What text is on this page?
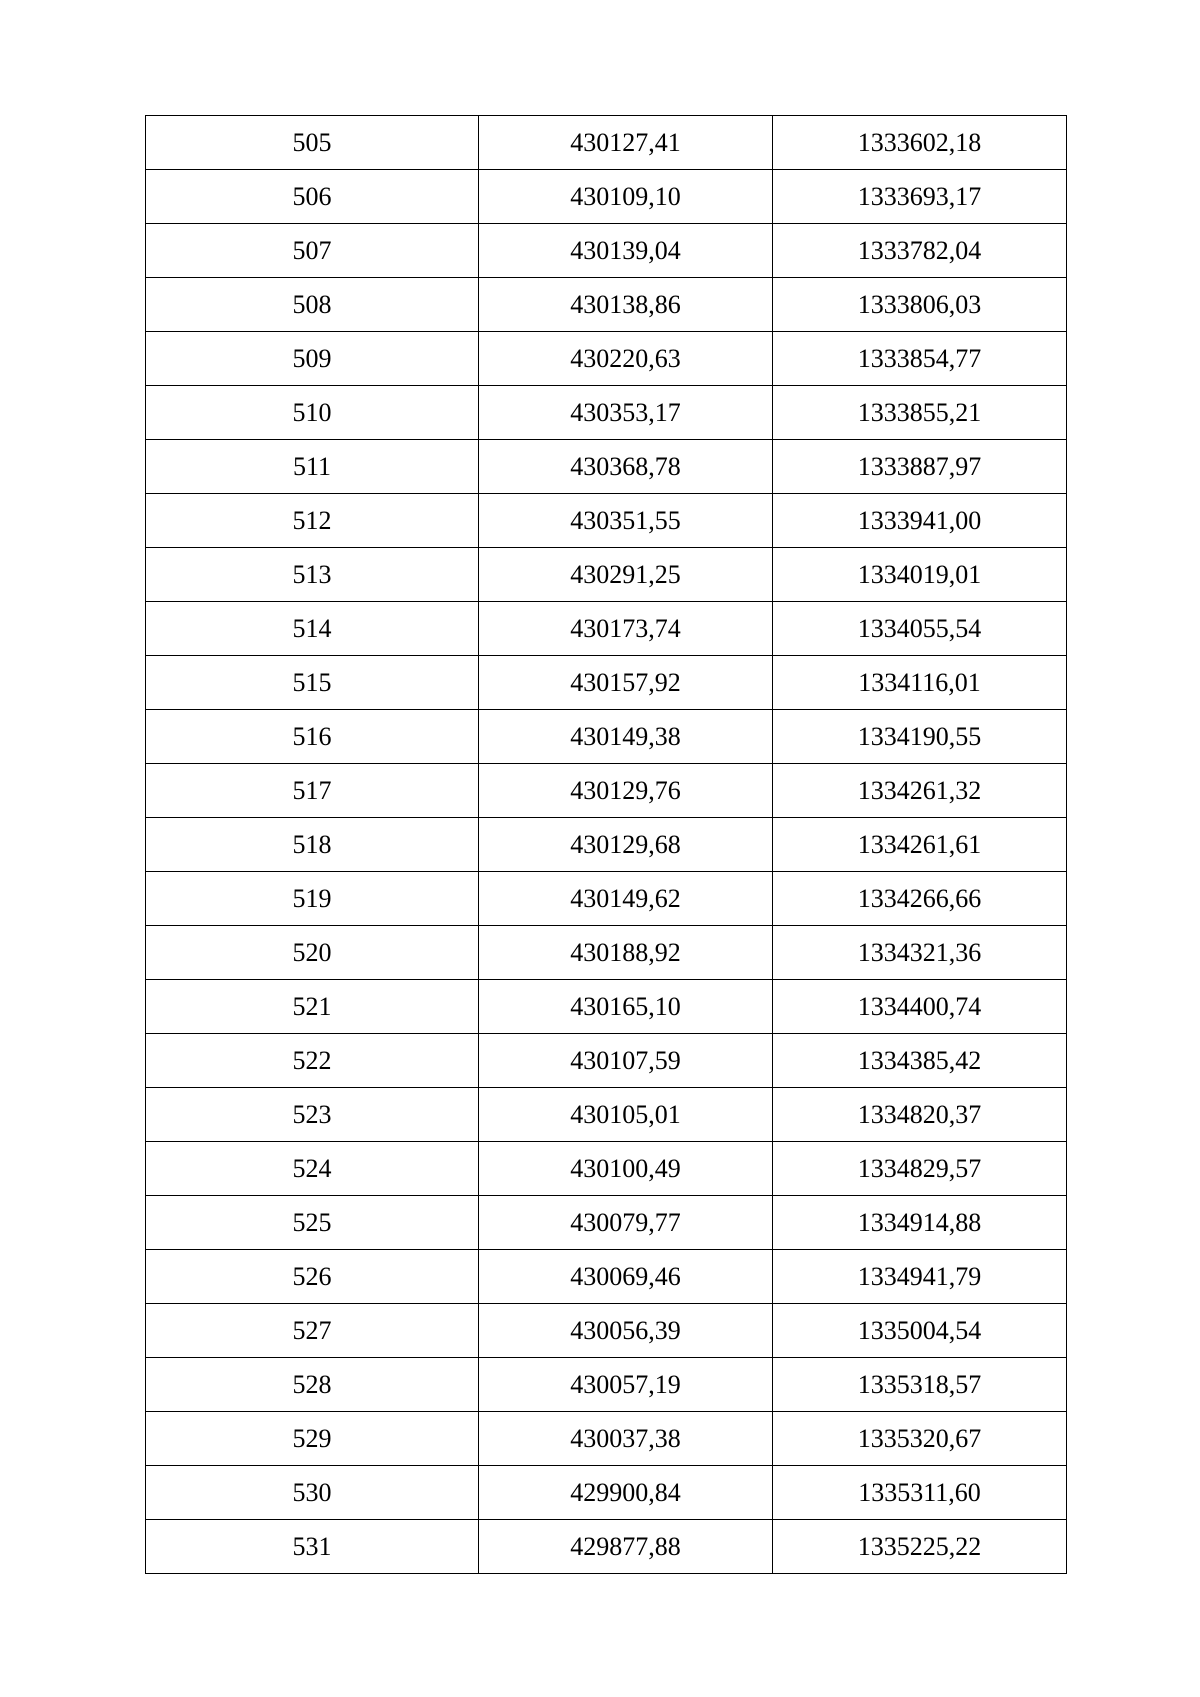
505	430127,41	1333602,18
506	430109,10	1333693,17
507	430139,04	1333782,04
508	430138,86	1333806,03
509	430220,63	1333854,77
510	430353,17	1333855,21
511	430368,78	1333887,97
512	430351,55	1333941,00
513	430291,25	1334019,01
514	430173,74	1334055,54
515	430157,92	1334116,01
516	430149,38	1334190,55
517	430129,76	1334261,32
518	430129,68	1334261,61
519	430149,62	1334266,66
520	430188,92	1334321,36
521	430165,10	1334400,74
522	430107,59	1334385,42
523	430105,01	1334820,37
524	430100,49	1334829,57
525	430079,77	1334914,88
526	430069,46	1334941,79
527	430056,39	1335004,54
528	430057,19	1335318,57
529	430037,38	1335320,67
530	429900,84	1335311,60
531	429877,88	1335225,22
